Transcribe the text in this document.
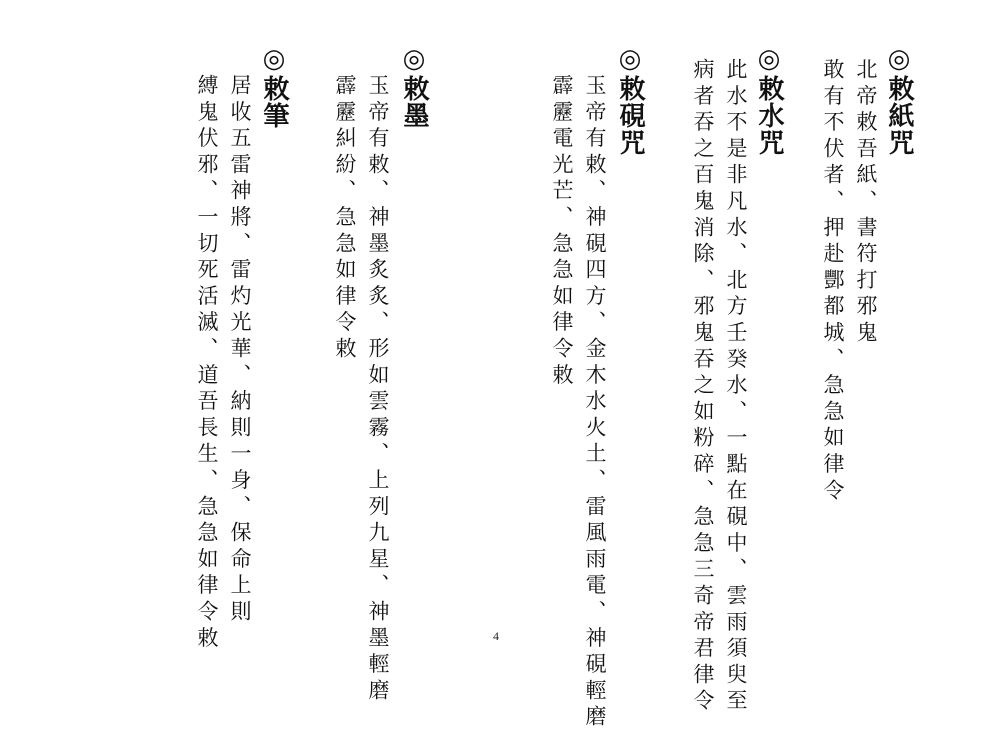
◎敕紙咒
北帝敕吾紙、書符打邪鬼
敢有不伏者、押赴酆都城、急急如律令
◎敕水咒
此水不是非凡水、北方壬癸水、一點在硯中、雲雨須臾至
病者吞之百鬼消除、邪鬼吞之如粉碎、急急三奇帝君律令
◎敕硯咒
玉帝有敕、神硯四方、金木水火土、雷風雨電、神硯輕磨
霹靂電光芒、急急如律令敕
◎敕墨
玉帝有敕、神墨炙炙、形如雲霧、上列九星、神墨輕磨
霹靂糾紛、急急如律令敕
◎敕筆
居收五雷神將、雷灼光華、納則一身、保命上則
縛鬼伏邪、一切死活滅、道吾長生、急急如律令敕	4
